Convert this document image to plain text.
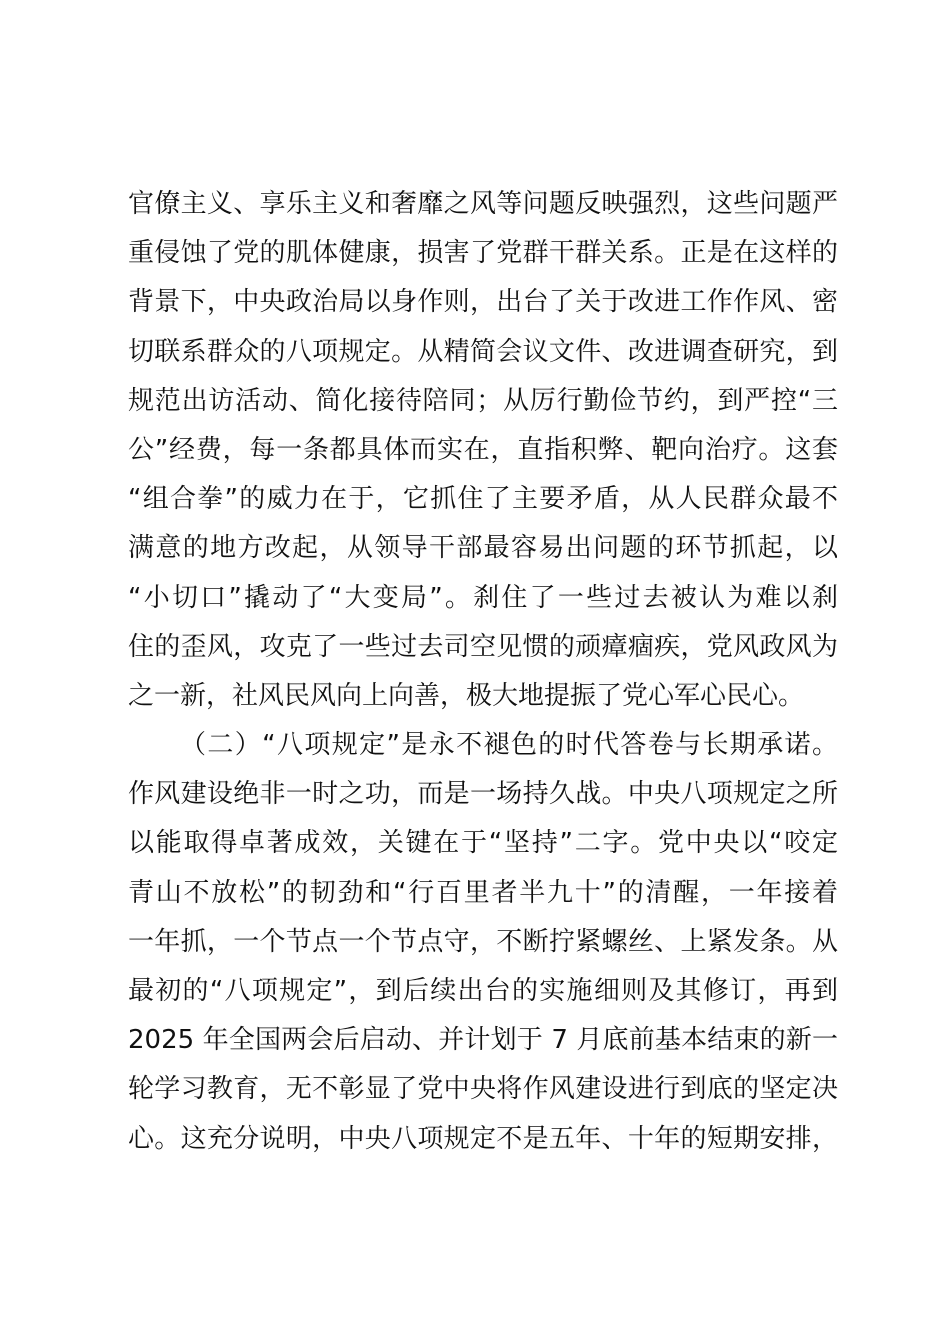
官僚主义、享乐主义和奢靡之风等问题反映强烈，这些问题严
重侵蚀了党的肌体健康，损害了党群干群关系。正是在这样的
背景下，中央政治局以身作则，出台了关于改进工作作风、密
切联系群众的八项规定。从精简会议文件、改进调查研究，到
规范出访活动、简化接待陪同；从厉行勤俭节约，到严控“三
公”经费，每一条都具体而实在，直指积弊、靶向治疗。这套
“组合拳”的威力在于，它抓住了主要矛盾，从人民群众最不
满意的地方改起，从领导干部最容易出问题的环节抓起，以
“小切口”撬动了“大变局”。刹住了一些过去被认为难以刹
住的歪风，攻克了一些过去司空见惯的顽瘴痼疾，党风政风为
之一新，社风民风向上向善，极大地提振了党心军心民心。
（二）“八项规定”是永不褪色的时代答卷与长期承诺。
作风建设绝非一时之功，而是一场持久战。中央八项规定之所
以能取得卓著成效，关键在于“坚持”二字。党中央以“咬定
青山不放松”的韧劲和“行百里者半九十”的清醒，一年接着
一年抓，一个节点一个节点守，不断拧紧螺丝、上紧发条。从
最初的“八项规定”，到后续出台的实施细则及其修订，再到
2025 年全国两会后启动、并计划于 7 月底前基本结束的新一
轮学习教育，无不彰显了党中央将作风建设进行到底的坚定决
心。这充分说明，中央八项规定不是五年、十年的短期安排，
